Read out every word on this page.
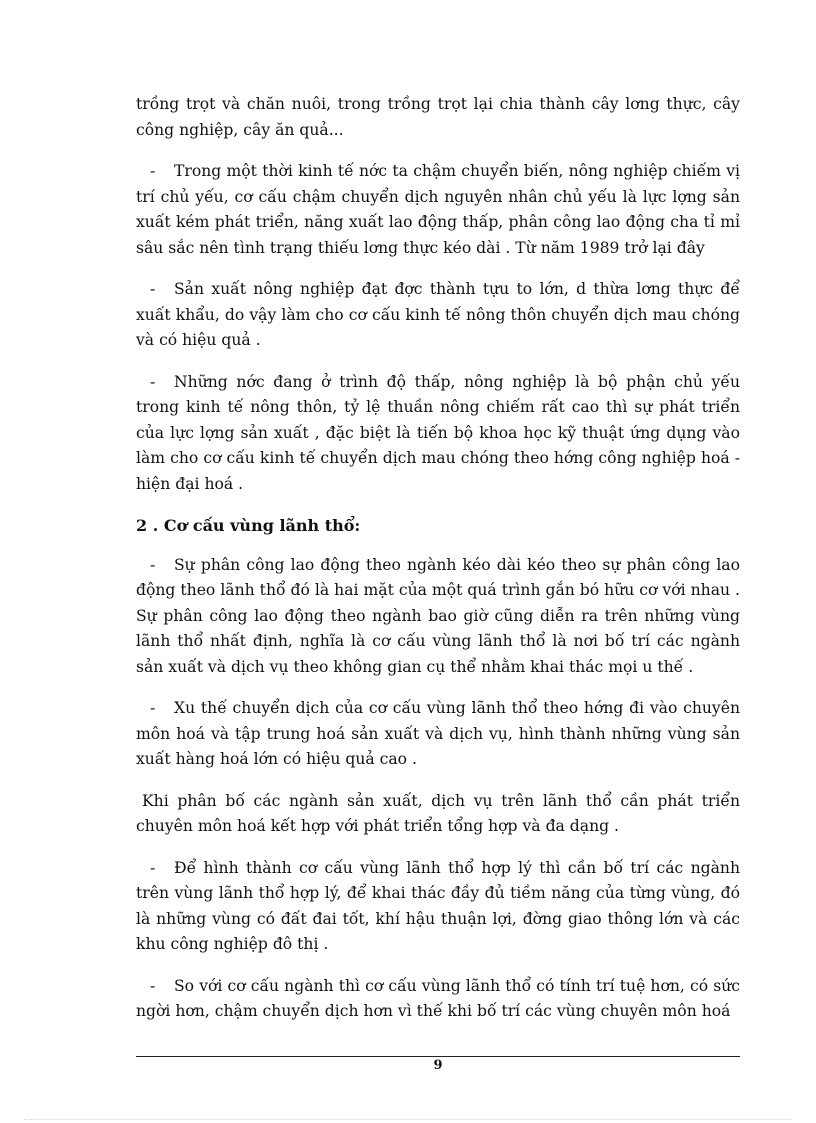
trồng trọt và chăn nuôi, trong trồng trọt lại chia thành cây lơng thực, cây công nghiệp, cây ăn quả...

- Trong một thời kinh tế nớc ta chậm chuyển biến, nông nghiệp chiếm vị trí chủ yếu, cơ cấu chậm chuyển dịch nguyên nhân chủ yếu là lực lợng sản xuất kém phát triển, năng xuất lao động thấp, phân công lao động cha tỉ mỉ sâu sắc nên tình trạng thiếu lơng thực kéo dài . Từ năm 1989 trở lại đây

- Sản xuất nông nghiệp đạt đợc thành tựu to lớn, d thừa lơng thực để xuất khẩu, do vậy làm cho cơ cấu kinh tế nông thôn chuyển dịch mau chóng và có hiệu quả .

- Những nớc đang ở trình độ thấp, nông nghiệp là bộ phận chủ yếu trong kinh tế nông thôn, tỷ lệ thuần nông chiếm rất cao thì sự phát triển của lực lợng sản xuất , đặc biệt là tiến bộ khoa học kỹ thuật ứng dụng vào làm cho cơ cấu kinh tế chuyển dịch mau chóng theo hớng công nghiệp hoá - hiện đại hoá .

2 . Cơ cấu vùng lãnh thổ:

- Sự phân công lao động theo ngành kéo dài kéo theo sự phân công lao động theo lãnh thổ đó là hai mặt của một quá trình gắn bó hữu cơ với nhau . Sự phân công lao động theo ngành bao giờ cũng diễn ra trên những vùng lãnh thổ nhất định, nghĩa là cơ cấu vùng lãnh thổ là nơi bố trí các ngành sản xuất và dịch vụ theo không gian cụ thể nhằm khai thác mọi u thế .

- Xu thế chuyển dịch của cơ cấu vùng lãnh thổ theo hớng đi vào chuyên môn hoá và tập trung hoá sản xuất và dịch vụ, hình thành những vùng sản xuất hàng hoá lớn có hiệu quả cao .

Khi phân bố các ngành sản xuất, dịch vụ trên lãnh thổ cần phát triển chuyên môn hoá kết hợp với phát triển tổng hợp và đa dạng .

- Để hình thành cơ cấu vùng lãnh thổ hợp lý thì cần bố trí các ngành trên vùng lãnh thổ hợp lý, để khai thác đầy đủ tiềm năng của từng vùng, đó là những vùng có đất đai tốt, khí hậu thuận lợi, đờng giao thông lớn và các khu công nghiệp đô thị .

- So với cơ cấu ngành thì cơ cấu vùng lãnh thổ có tính trí tuệ hơn, có sức ngời hơn, chậm chuyển dịch hơn vì thế khi bố trí các vùng chuyên môn hoá

9
